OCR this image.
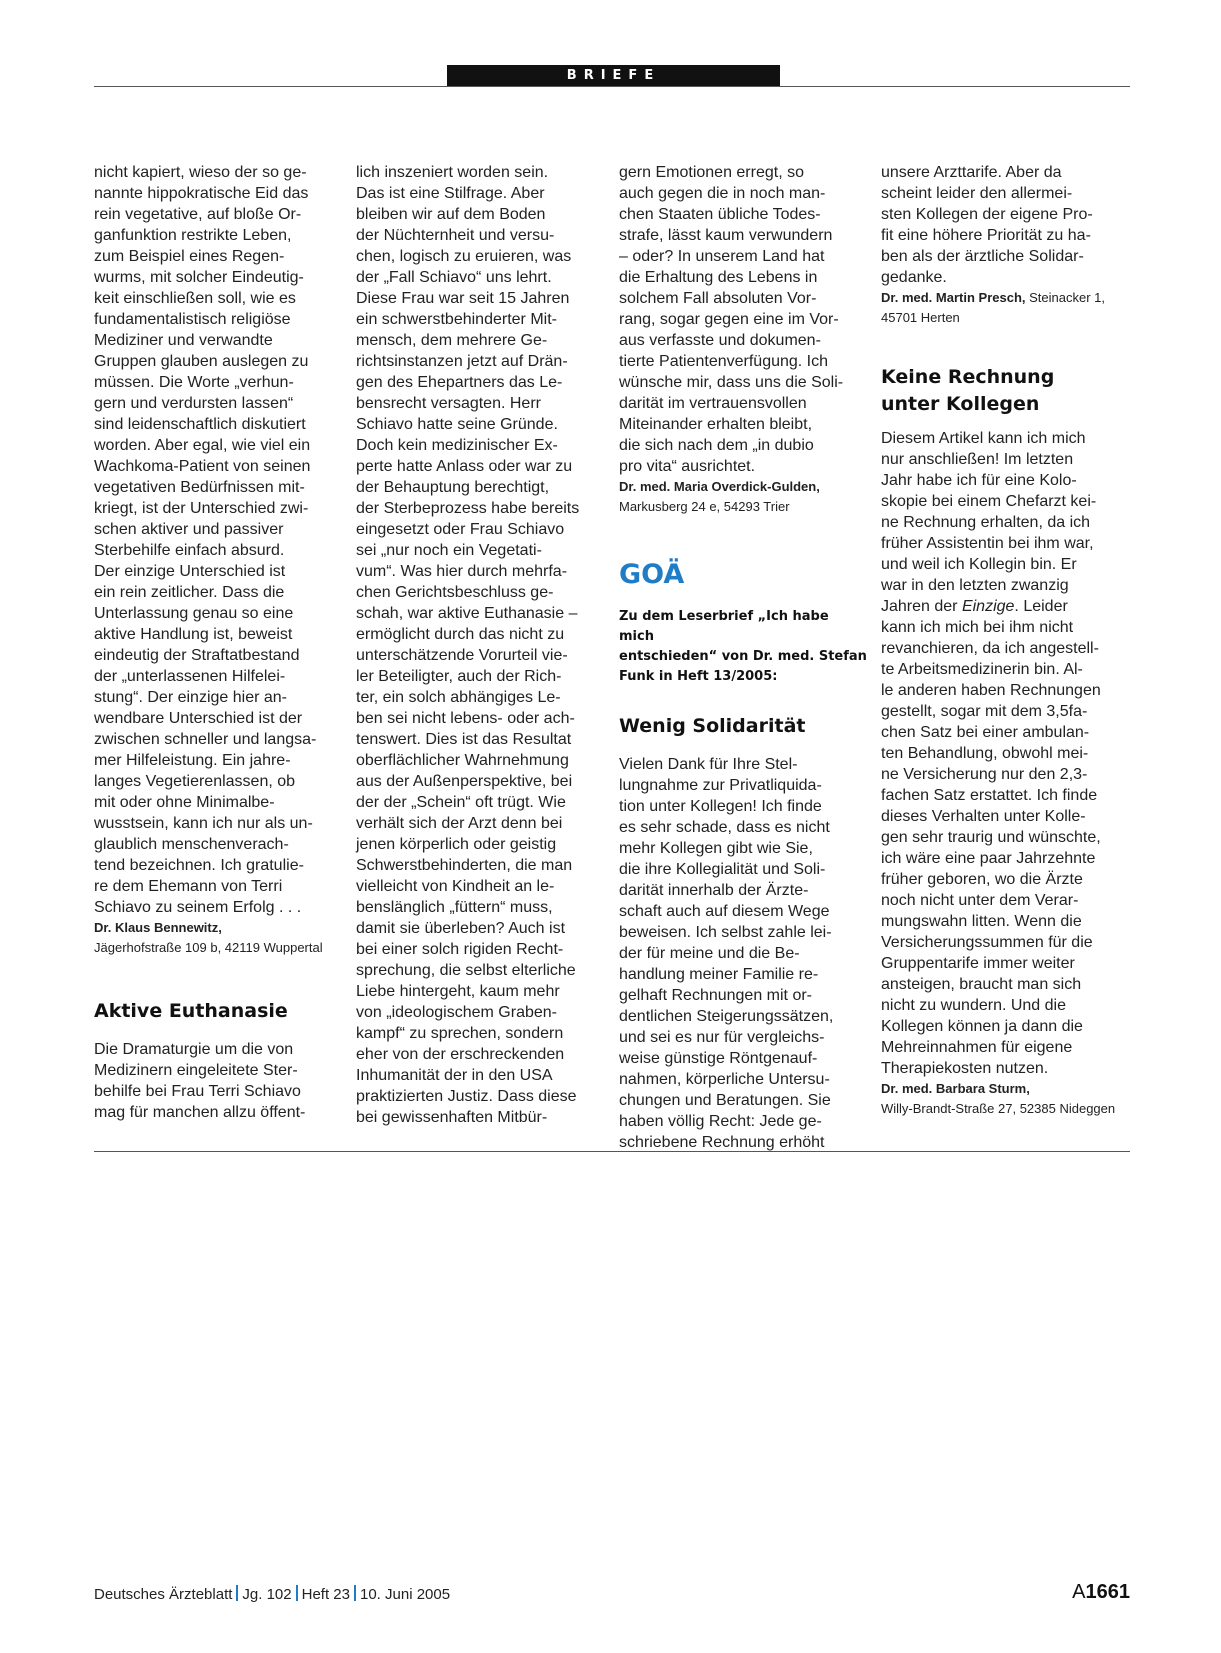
BRIEFE
nicht kapiert, wieso der so ge-
nannte hippokratische Eid das
rein vegetative, auf bloße Or-
ganfunktion restrikte Leben,
zum Beispiel eines Regen-
wurms, mit solcher Eindeutig-
keit einschließen soll, wie es
fundamentalistisch religiöse
Mediziner und verwandte
Gruppen glauben auslegen zu
müssen. Die Worte „verhun-
gern und verdursten lassen“
sind leidenschaftlich diskutiert
worden. Aber egal, wie viel ein
Wachkoma-Patient von seinen
vegetativen Bedürfnissen mit-
kriegt, ist der Unterschied zwi-
schen aktiver und passiver
Sterbehilfe einfach absurd.
Der einzige Unterschied ist
ein rein zeitlicher. Dass die
Unterlassung genau so eine
aktive Handlung ist, beweist
eindeutig der Straftatbestand
der „unterlassenen Hilfelei-
stung“. Der einzige hier an-
wendbare Unterschied ist der
zwischen schneller und langsa-
mer Hilfeleistung. Ein jahre-
langes Vegetierenlassen, ob
mit oder ohne Minimalbe-
wusstsein, kann ich nur als un-
glaublich menschenverach-
tend bezeichnen. Ich gratulie-
re dem Ehemann von Terri
Schiavo zu seinem Erfolg . . .
Dr. Klaus Bennewitz,
Jägerhofstraße 109 b, 42119 Wuppertal
Aktive Euthanasie
Die Dramaturgie um die von
Medizinern eingeleitete Ster-
behilfe bei Frau Terri Schiavo
mag für manchen allzu öffent-
lich inszeniert worden sein.
Das ist eine Stilfrage. Aber
bleiben wir auf dem Boden
der Nüchternheit und versu-
chen, logisch zu eruieren, was
der „Fall Schiavo“ uns lehrt.
Diese Frau war seit 15 Jahren
ein schwerstbehinderter Mit-
mensch, dem mehrere Ge-
richtsinstanzen jetzt auf Drän-
gen des Ehepartners das Le-
bensrecht versagten. Herr
Schiavo hatte seine Gründe.
Doch kein medizinischer Ex-
perte hatte Anlass oder war zu
der Behauptung berechtigt,
der Sterbeprozess habe bereits
eingesetzt oder Frau Schiavo
sei „nur noch ein Vegetati-
vum“. Was hier durch mehrfa-
chen Gerichtsbeschluss ge-
schah, war aktive Euthanasie –
ermöglicht durch das nicht zu
unterschätzende Vorurteil vie-
ler Beteiligter, auch der Rich-
ter, ein solch abhängiges Le-
ben sei nicht lebens- oder ach-
tenswert. Dies ist das Resultat
oberflächlicher Wahrnehmung
aus der Außenperspektive, bei
der der „Schein“ oft trügt. Wie
verhält sich der Arzt denn bei
jenen körperlich oder geistig
Schwerstbehinderten, die man
vielleicht von Kindheit an le-
benslänglich „füttern“ muss,
damit sie überleben? Auch ist
bei einer solch rigiden Recht-
sprechung, die selbst elterliche
Liebe hintergeht, kaum mehr
von „ideologischem Graben-
kampf“ zu sprechen, sondern
eher von der erschreckenden
Inhumanität der in den USA
praktizierten Justiz. Dass diese
bei gewissenhaften Mitbür-
gern Emotionen erregt, so
auch gegen die in noch man-
chen Staaten übliche Todes-
strafe, lässt kaum verwundern
– oder? In unserem Land hat
die Erhaltung des Lebens in
solchem Fall absoluten Vor-
rang, sogar gegen eine im Vor-
aus verfasste und dokumen-
tierte Patientenverfügung. Ich
wünsche mir, dass uns die Soli-
darität im vertrauensvollen
Miteinander erhalten bleibt,
die sich nach dem „in dubio
pro vita“ ausrichtet.
Dr. med. Maria Overdick-Gulden,
Markusberg 24 e, 54293 Trier
GOÄ
Zu dem Leserbrief „Ich habe mich
entschieden“ von Dr. med. Stefan
Funk in Heft 13/2005:
Wenig Solidarität
Vielen Dank für Ihre Stel-
lungnahme zur Privatliquida-
tion unter Kollegen! Ich finde
es sehr schade, dass es nicht
mehr Kollegen gibt wie Sie,
die ihre Kollegialität und Soli-
darität innerhalb der Ärzte-
schaft auch auf diesem Wege
beweisen. Ich selbst zahle lei-
der für meine und die Be-
handlung meiner Familie re-
gelhaft Rechnungen mit or-
dentlichen Steigerungssätzen,
und sei es nur für vergleichs-
weise günstige Röntgenauf-
nahmen, körperliche Untersu-
chungen und Beratungen. Sie
haben völlig Recht: Jede ge-
schriebene Rechnung erhöht
unsere Arzttarife. Aber da
scheint leider den allermei-
sten Kollegen der eigene Pro-
fit eine höhere Priorität zu ha-
ben als der ärztliche Solidar-
gedanke.
Dr. med. Martin Presch, Steinacker 1,
45701 Herten
Keine Rechnung
unter Kollegen
Diesem Artikel kann ich mich
nur anschließen! Im letzten
Jahr habe ich für eine Kolo-
skopie bei einem Chefarzt kei-
ne Rechnung erhalten, da ich
früher Assistentin bei ihm war,
und weil ich Kollegin bin. Er
war in den letzten zwanzig
Jahren der Einzige. Leider
kann ich mich bei ihm nicht
revanchieren, da ich angestell-
te Arbeitsmedizinerin bin. Al-
le anderen haben Rechnungen
gestellt, sogar mit dem 3,5fa-
chen Satz bei einer ambulan-
ten Behandlung, obwohl mei-
ne Versicherung nur den 2,3-
fachen Satz erstattet. Ich finde
dieses Verhalten unter Kolle-
gen sehr traurig und wünschte,
ich wäre eine paar Jahrzehnte
früher geboren, wo die Ärzte
noch nicht unter dem Verar-
mungswahn litten. Wenn die
Versicherungssummen für die
Gruppentarife immer weiter
ansteigen, braucht man sich
nicht zu wundern. Und die
Kollegen können ja dann die
Mehreinnahmen für eigene
Therapiekosten nutzen.
Dr. med. Barbara Sturm,
Willy-Brandt-Straße 27, 52385 Nideggen
Deutsches Ärzteblatt Jg. 102 Heft 23 10. Juni 2005	A1661
